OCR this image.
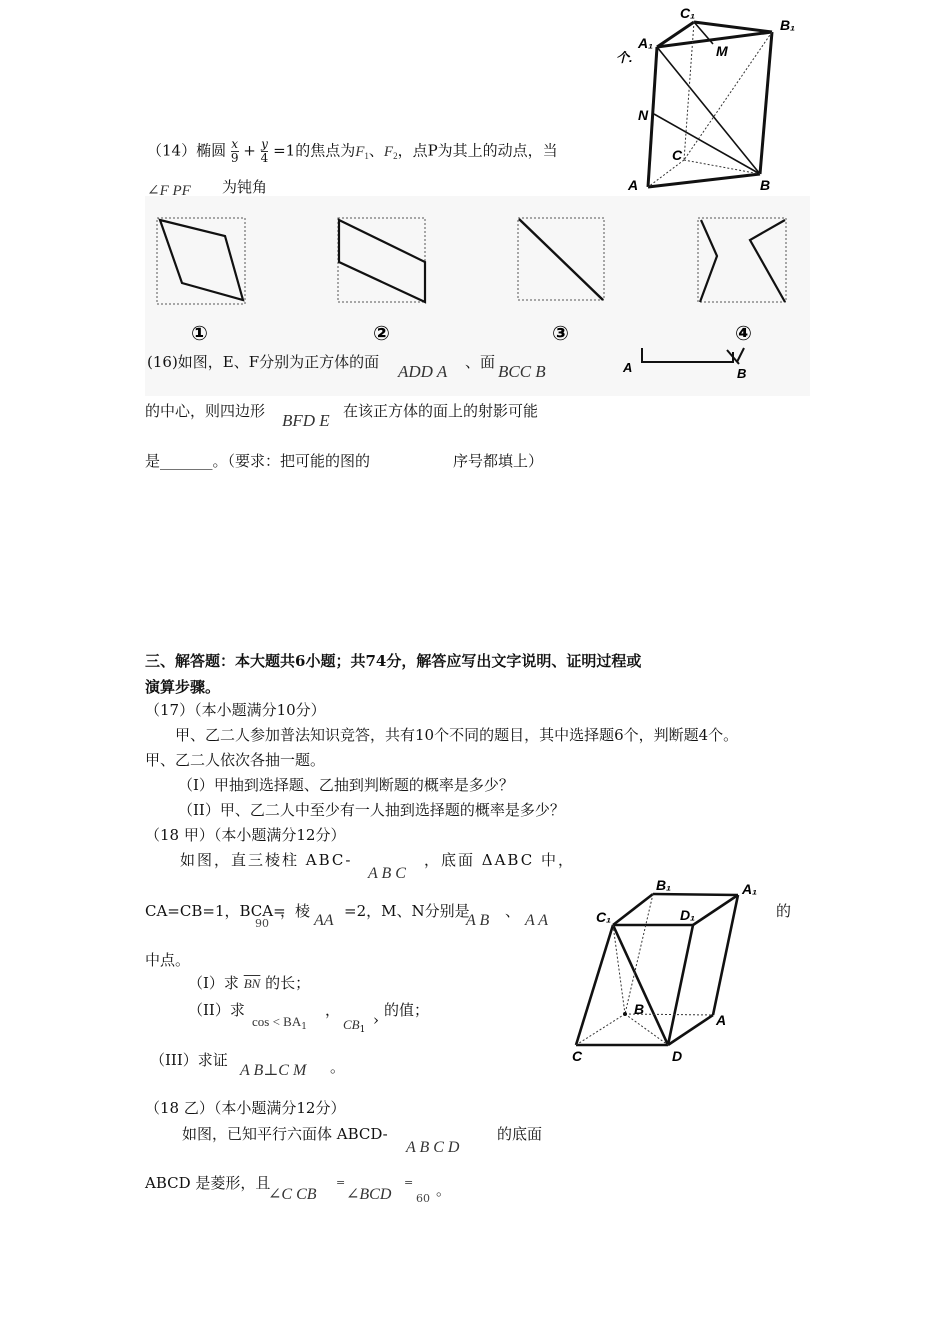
C₁
B₁
A₁	M
N
C
A	B
个.
（14）椭圆 $\frac{x}{9} + \frac{y}{4} =1$的焦点为$F_1$、$F_2$，点P为其上的动点，当
∠F PF 为钝角
①	②	③	④
A	B
(16)如图，E、F分别为正方体的面 ADD A 、面 BCC B
的中心，则四边形 BFD E 在该正方体的面上的射影可能
是_______。（要求：把可能的图的	序号都填上）
三、解答题：本大题共6小题；共74分，解答应写出文字说明、证明过程或
演算步骤。
（17）（本小题满分10分）
甲、乙二人参加普法知识竞答，共有10个不同的题目，其中选择题6个，判断题4个。
甲、乙二人依次各抽一题。
（I）甲抽到选择题、乙抽到判断题的概率是多少？
（II）甲、乙二人中至少有一人抽到选择题的概率是多少？
（18 甲）（本小题满分12分）
如图，直三棱柱 ABC-
A B C
，底面 ΔABC 中，
CA=CB=1，BCA=
90
，棱
AA
=2，M、N分别是
A B
、
A A
的
中点。
（I）求 $\overline{BN}$ 的长；
（II）求
$\cos < BA_1$
，
$CB_1$
›
的值；
（III）求证
A B⊥C M 。
B₁	A₁
C₁	D₁
B
A
C	D
（18 乙）（本小题满分12分）
如图，已知平行六面体 ABCD-
A B C D
的底面
ABCD 是菱形，且
∠C CB
=
∠BCD
=
60 。
